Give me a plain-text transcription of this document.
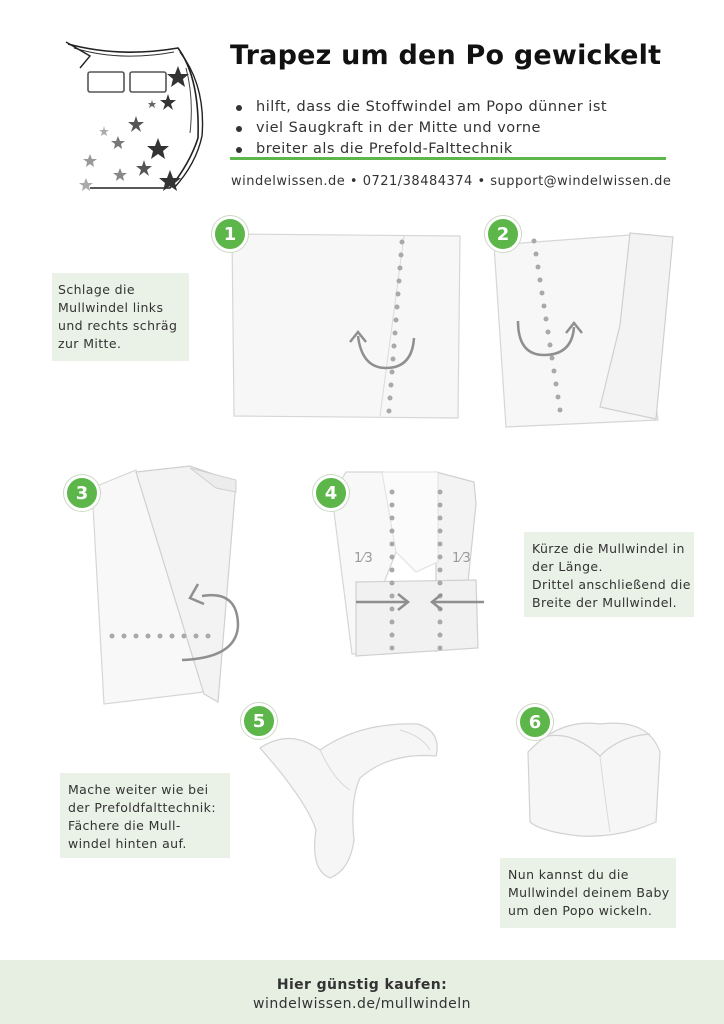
Trapez um den Po gewickelt
hilft, dass die Stoffwindel am Popo dünner ist
viel Saugkraft in der Mitte und vorne
breiter als die Prefold-Falttechnik
windelwissen.de • 0721/38484374 • support@windelwissen.de
1
Schlage die
Mullwindel links
und rechts schräg
zur Mitte.
2
3
1⁄3	1⁄3
4
Kürze die Mullwindel in
der Länge.
Drittel anschließend die
Breite der Mullwindel.
5
Mache weiter wie bei
der Prefoldfalttechnik:
Fächere die Mull-
windel hinten auf.
6
Nun kannst du die
Mullwindel deinem Baby
um den Popo wickeln.
Hier günstig kaufen:
windelwissen.de/mullwindeln
